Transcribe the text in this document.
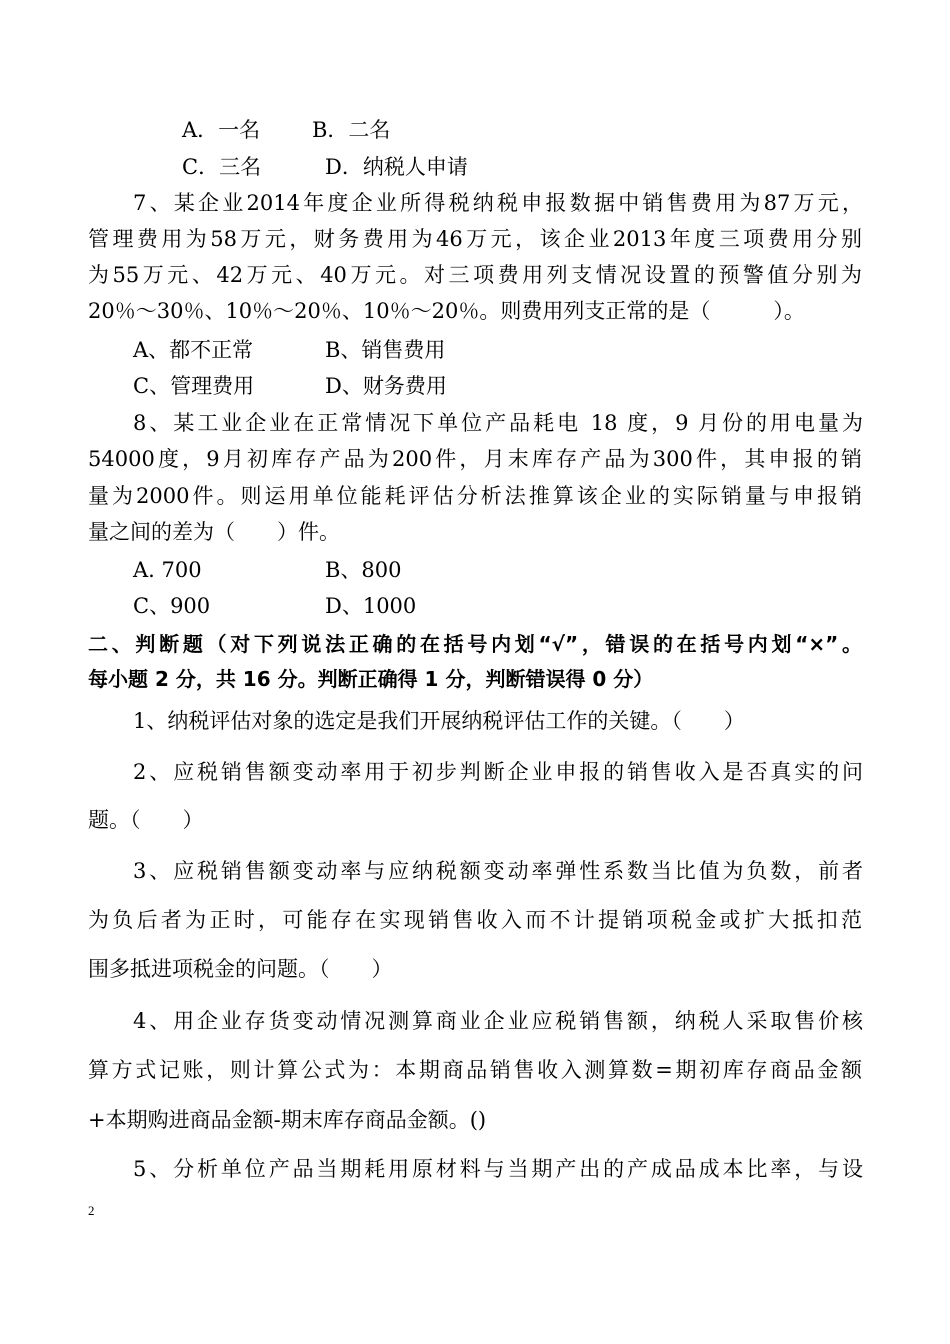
A．一名 B．二名
C．三名	D．纳税人申请
7、某企业2014年度企业所得税纳税申报数据中销售费用为87万元，
管理费用为58万元，财务费用为46万元，该企业2013年度三项费用分别
为55万元、42万元、40万元。对三项费用列支情况设置的预警值分别为
20％～30％、10％～20％、10％～20％。则费用列支正常的是（　　　）。
A、都不正常	B、销售费用
C、管理费用	D、财务费用
8、某工业企业在正常情况下单位产品耗电 18 度，9 月份的用电量为
54000度，9月初库存产品为200件，月末库存产品为300件，其申报的销
量为2000件。则运用单位能耗评估分析法推算该企业的实际销量与申报销
量之间的差为（　　）件。
A. 700	B、800
C、900	D、1000
二、判断题（对下列说法正确的在括号内划“√”，错误的在括号内划“×”。
每小题 2 分，共 16 分。判断正确得 1 分，判断错误得 0 分）
1、纳税评估对象的选定是我们开展纳税评估工作的关键。（　　）
2、应税销售额变动率用于初步判断企业申报的销售收入是否真实的问
题。（　　）
3、应税销售额变动率与应纳税额变动率弹性系数当比值为负数，前者
为负后者为正时，可能存在实现销售收入而不计提销项税金或扩大抵扣范
围多抵进项税金的问题。（　　）
4、用企业存货变动情况测算商业企业应税销售额，纳税人采取售价核
算方式记账，则计算公式为：本期商品销售收入测算数=期初库存商品金额
+本期购进商品金额-期末库存商品金额。()
5、分析单位产品当期耗用原材料与当期产出的产成品成本比率，与设
2
